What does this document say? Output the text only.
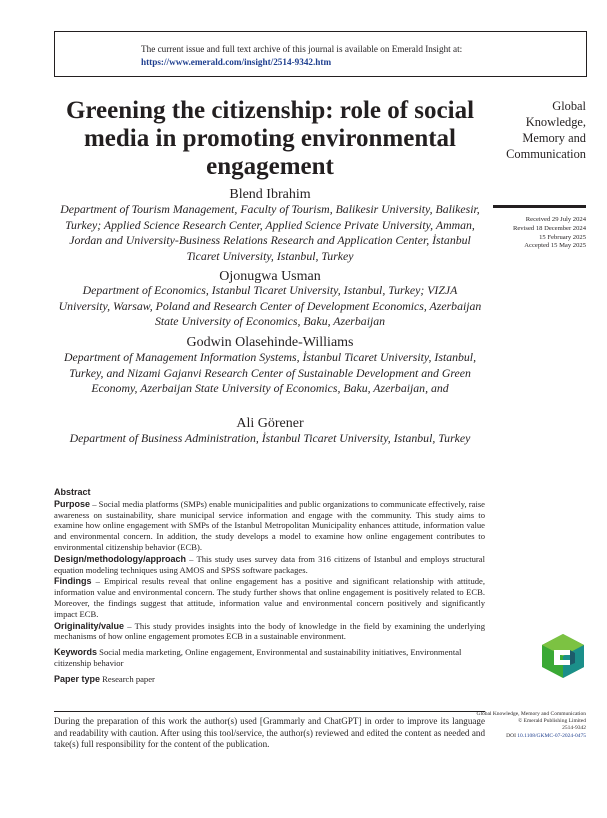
The current issue and full text archive of this journal is available on Emerald Insight at:
https://www.emerald.com/insight/2514-9342.htm
Greening the citizenship: role of social media in promoting environmental engagement
Blend Ibrahim
Department of Tourism Management, Faculty of Tourism, Balikesir University, Balikesir, Turkey; Applied Science Research Center, Applied Science Private University, Amman, Jordan and University-Business Relations Research and Application Center, İstanbul Ticaret University, Istanbul, Turkey
Ojonugwa Usman
Department of Economics, Istanbul Ticaret University, Istanbul, Turkey; VIZJA University, Warsaw, Poland and Research Center of Development Economics, Azerbaijan State University of Economics, Baku, Azerbaijan
Godwin Olasehinde-Williams
Department of Management Information Systems, İstanbul Ticaret University, Istanbul, Turkey, and Nizami Gajanvi Research Center of Sustainable Development and Green Economy, Azerbaijan State University of Economics, Baku, Azerbaijan, and
Ali Görener
Department of Business Administration, İstanbul Ticaret University, Istanbul, Turkey
Global
Knowledge,
Memory and
Communication
Received 29 July 2024
Revised 18 December 2024
15 February 2025
Accepted 15 May 2025

Abstract

Purpose – Social media platforms (SMPs) enable municipalities and public organizations to communicate effectively, raise awareness on sustainability, share municipal service information and engage with the community. This study aims to examine how online engagement with SMPs of the Istanbul Metropolitan Municipality enhances attitude, information value and environmental concern. In addition, the study develops a model to examine how online engagement contributes to environmental citizenship behavior (ECB).

Design/methodology/approach – This study uses survey data from 316 citizens of Istanbul and employs structural equation modeling techniques using AMOS and SPSS software packages.

Findings – Empirical results reveal that online engagement has a positive and significant relationship with attitude, information value and environmental concern. The study further shows that online engagement is positively related to ECB. Moreover, the findings suggest that attitude, information value and environmental concern positively and significantly impact ECB.

Originality/value – This study provides insights into the body of knowledge in the field by examining the underlying mechanisms of how online engagement promotes ECB in a sustainable environment.

Keywords Social media marketing, Online engagement, Environmental and sustainability initiatives, Environmental citizenship behavior

Paper type Research paper

During the preparation of this work the author(s) used [Grammarly and ChatGPT] in order to improve its language and readability with caution. After using this tool/service, the author(s) reviewed and edited the content as needed and take(s) full responsibility for the content of the publication.
Global Knowledge, Memory and Communication
© Emerald Publishing Limited
2514-9342
DOI 10.1108/GKMC-07-2024-0475
